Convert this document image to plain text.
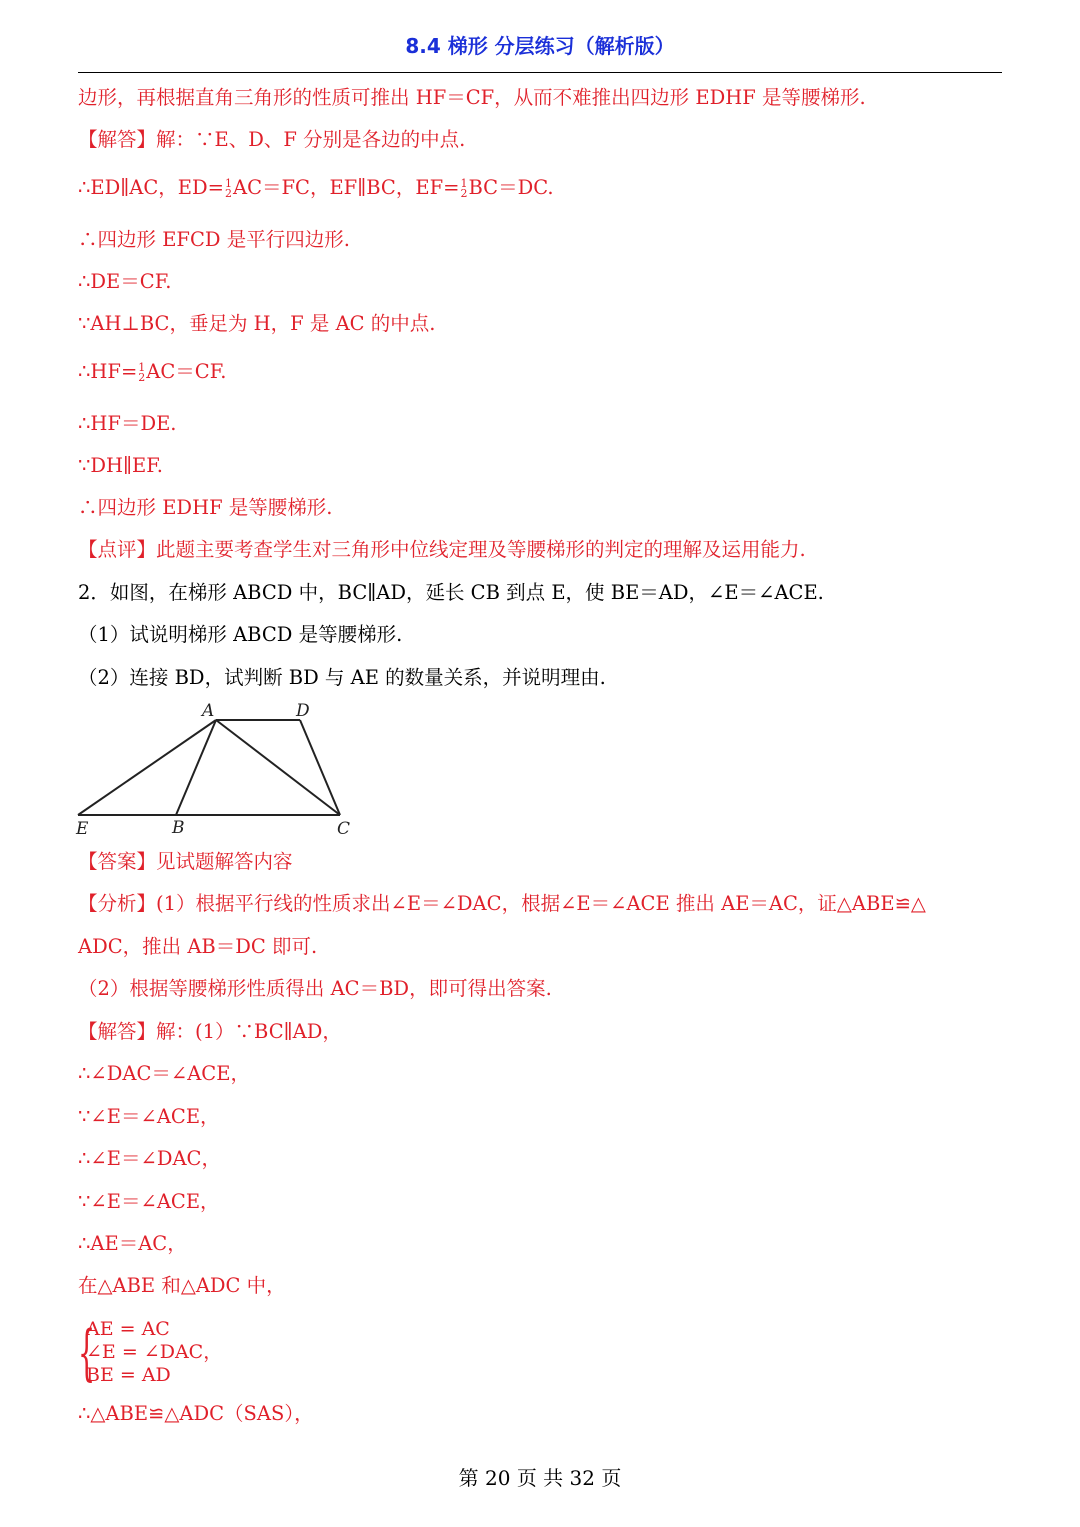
8.4 梯形 分层练习（解析版）
边形，再根据直角三角形的性质可推出 HF＝CF，从而不难推出四边形 EDHF 是等腰梯形.
【解答】解：∵E、D、F 分别是各边的中点.
∴ED∥AC，ED= 1
2 AC＝FC，EF∥BC，EF= 1
2 BC＝DC.
∴四边形 EFCD 是平行四边形.
∴DE＝CF.
∵AH⊥BC，垂足为 H，F 是 AC 的中点.
∴HF= 1
2 AC＝CF.
∴HF＝DE.
∵DH∥EF.
∴四边形 EDHF 是等腰梯形.
【点评】此题主要考查学生对三角形中位线定理及等腰梯形的判定的理解及运用能力.
2．如图，在梯形 ABCD 中，BC∥AD，延长 CB 到点 E，使 BE＝AD，∠E＝∠ACE.
（1）试说明梯形 ABCD 是等腰梯形.
（2）连接 BD，试判断 BD 与 AE 的数量关系，并说明理由.
A	D
E	B	C
【答案】见试题解答内容
【分析】(1）根据平行线的性质求出∠E＝∠DAC，根据∠E＝∠ACE 推出 AE＝AC，证△ABE≌△
ADC，推出 AB＝DC 即可.
（2）根据等腰梯形性质得出 AC＝BD，即可得出答案.
【解答】解：(1）∵BC∥AD，
∴∠DAC＝∠ACE，
∵∠E＝∠ACE，
∴∠E＝∠DAC，
∵∠E＝∠ACE，
∴AE＝AC，
在△ABE 和△ADC 中，
{
AE = AC
∠E = ∠DAC，
BE = AD
∴△ABE≌△ADC（SAS），
第 20 页 共 32 页
